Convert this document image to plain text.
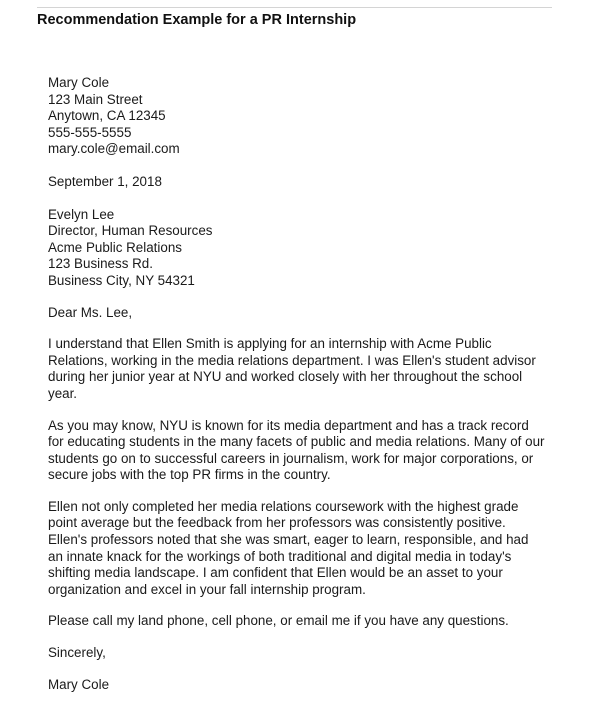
Recommendation Example for a PR Internship
Mary Cole
123 Main Street
Anytown, CA 12345
555-555-5555
mary.cole@email.com
September 1, 2018
Evelyn Lee
Director, Human Resources
Acme Public Relations
123 Business Rd.
Business City, NY 54321

Dear Ms. Lee,

I understand that Ellen Smith is applying for an internship with Acme Public Relations, working in the media relations department. I was Ellen's student advisor during her junior year at NYU and worked closely with her throughout the school year.

As you may know, NYU is known for its media department and has a track record for educating students in the many facets of public and media relations. Many of our students go on to successful careers in journalism, work for major corporations, or secure jobs with the top PR firms in the country.

Ellen not only completed her media relations coursework with the highest grade point average but the feedback from her professors was consistently positive. Ellen's professors noted that she was smart, eager to learn, responsible, and had an innate knack for the workings of both traditional and digital media in today's shifting media landscape. I am confident that Ellen would be an asset to your organization and excel in your fall internship program.

Please call my land phone, cell phone, or email me if you have any questions.

Sincerely,

Mary Cole
